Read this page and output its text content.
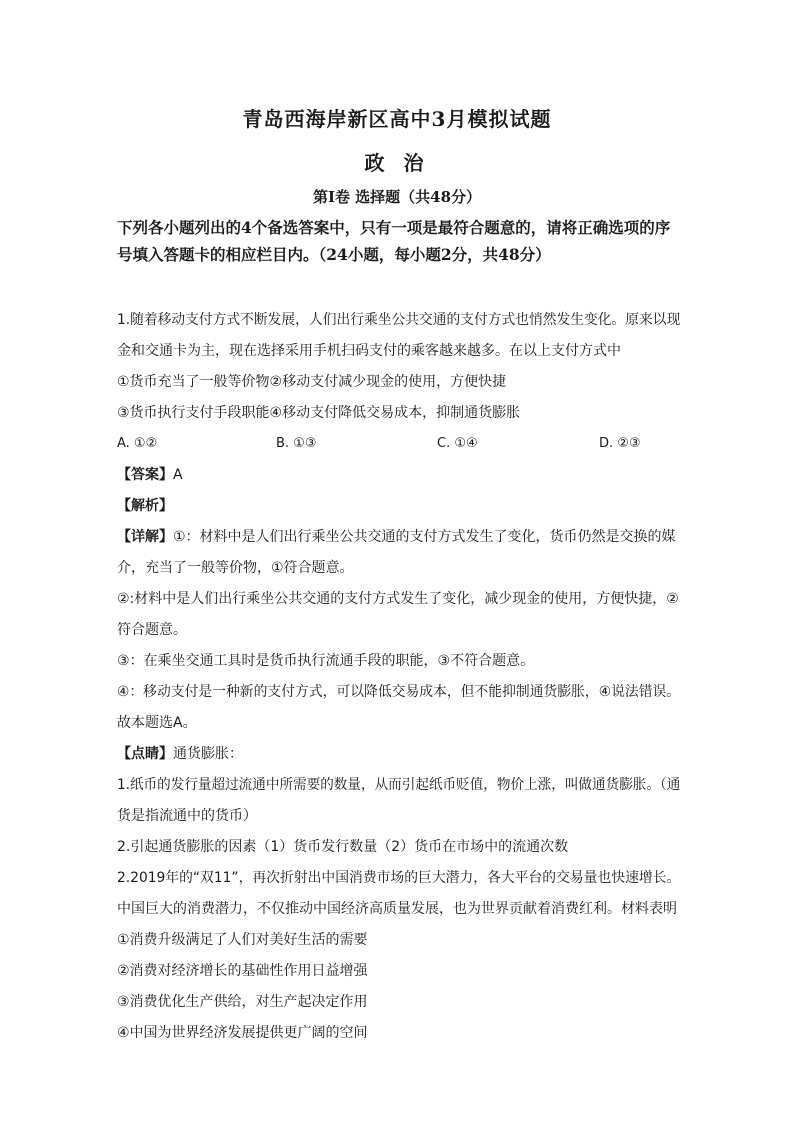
青岛西海岸新区高中3月模拟试题
政 治
第Ⅰ卷 选择题（共48分）
下列各小题列出的4个备选答案中，只有一项是最符合题意的，请将正确选项的序号填入答题卡的相应栏目内。（24小题，每小题2分，共48分）
1.随着移动支付方式不断发展，人们出行乘坐公共交通的支付方式也悄然发生变化。原来以现
金和交通卡为主，现在选择采用手机扫码支付的乘客越来越多。在以上支付方式中
①货币充当了一般等价物②移动支付减少现金的使用，方便快捷
③货币执行支付手段职能④移动支付降低交易成本，抑制通货膨胀
A. ①②	B. ①③	C. ①④	D. ②③
【答案】A
【解析】
【详解】①：材料中是人们出行乘坐公共交通的支付方式发生了变化，货币仍然是交换的媒
介，充当了一般等价物，①符合题意。
②:材料中是人们出行乘坐公共交通的支付方式发生了变化，减少现金的使用，方便快捷，②
符合题意。
③：在乘坐交通工具时是货币执行流通手段的职能，③不符合题意。
④：移动支付是一种新的支付方式，可以降低交易成本，但不能抑制通货膨胀，④说法错误。
故本题选A。
【点睛】通货膨胀：
1.纸币的发行量超过流通中所需要的数量，从而引起纸币贬值，物价上涨，叫做通货膨胀。（通
货是指流通中的货币）
2.引起通货膨胀的因素（1）货币发行数量（2）货币在市场中的流通次数
2.2019年的“双11”，再次折射出中国消费市场的巨大潜力，各大平台的交易量也快速增长。
中国巨大的消费潜力，不仅推动中国经济高质量发展，也为世界贡献着消费红利。材料表明
①消费升级满足了人们对美好生活的需要
②消费对经济增长的基础性作用日益增强
③消费优化生产供给，对生产起决定作用
④中国为世界经济发展提供更广阔的空间
